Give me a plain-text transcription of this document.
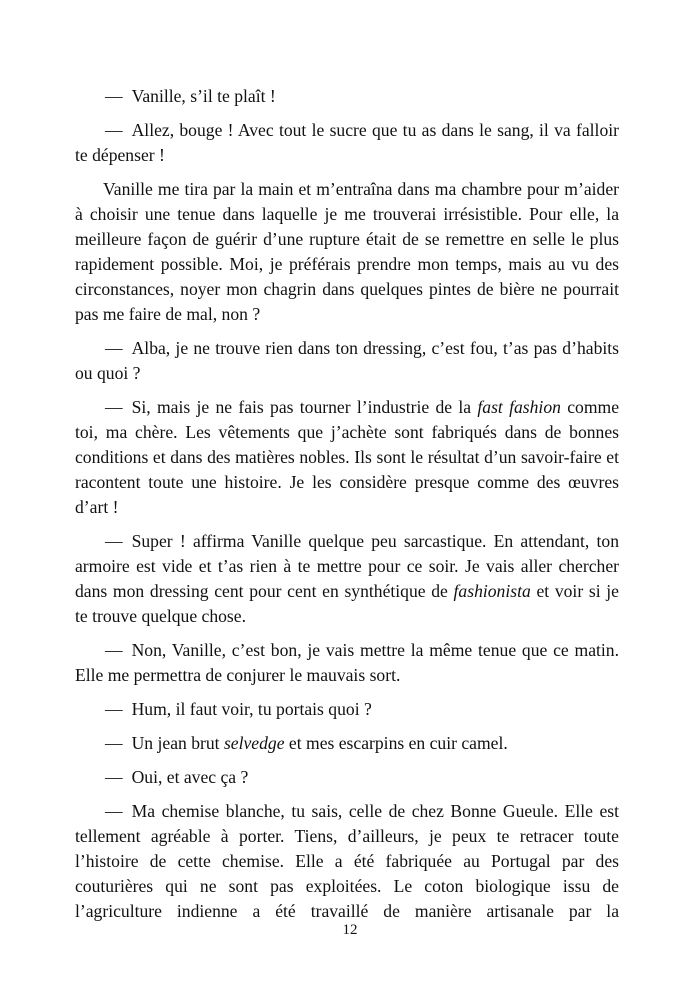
— Vanille, s’il te plaît !

— Allez, bouge ! Avec tout le sucre que tu as dans le sang, il va falloir te dépenser !

Vanille me tira par la main et m’entraîna dans ma chambre pour m’aider à choisir une tenue dans laquelle je me trouverai irrésistible. Pour elle, la meilleure façon de guérir d’une rupture était de se remettre en selle le plus rapidement possible. Moi, je préférais prendre mon temps, mais au vu des circonstances, noyer mon chagrin dans quelques pintes de bière ne pourrait pas me faire de mal, non ?

— Alba, je ne trouve rien dans ton dressing, c’est fou, t’as pas d’habits ou quoi ?

— Si, mais je ne fais pas tourner l’industrie de la fast fashion comme toi, ma chère. Les vêtements que j’achète sont fabriqués dans de bonnes conditions et dans des matières nobles. Ils sont le résultat d’un savoir-faire et racontent toute une histoire. Je les considère presque comme des œuvres d’art !

— Super ! affirma Vanille quelque peu sarcastique. En attendant, ton armoire est vide et t’as rien à te mettre pour ce soir. Je vais aller chercher dans mon dressing cent pour cent en synthétique de fashionista et voir si je te trouve quelque chose.

— Non, Vanille, c’est bon, je vais mettre la même tenue que ce matin. Elle me permettra de conjurer le mauvais sort.

— Hum, il faut voir, tu portais quoi ?

— Un jean brut selvedge et mes escarpins en cuir camel.

— Oui, et avec ça ?

— Ma chemise blanche, tu sais, celle de chez Bonne Gueule. Elle est tellement agréable à porter. Tiens, d’ailleurs, je peux te retracer toute l’histoire de cette chemise. Elle a été fabriquée au Portugal par des couturières qui ne sont pas exploitées. Le coton biologique issu de l’agriculture indienne a été travaillé de manière artisanale par la

12
